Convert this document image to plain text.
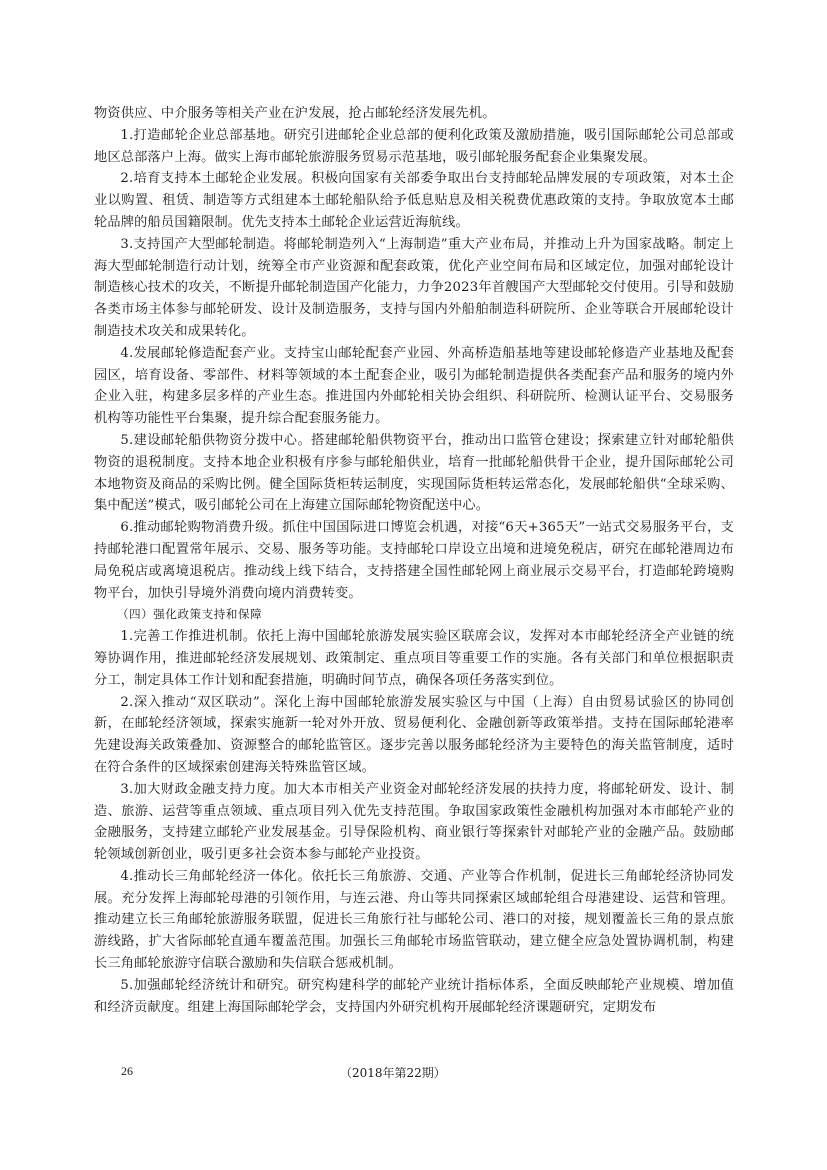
物资供应、中介服务等相关产业在沪发展，抢占邮轮经济发展先机。

1.打造邮轮企业总部基地。研究引进邮轮企业总部的便利化政策及激励措施，吸引国际邮轮公司总部或地区总部落户上海。做实上海市邮轮旅游服务贸易示范基地，吸引邮轮服务配套企业集聚发展。

2.培育支持本土邮轮企业发展。积极向国家有关部委争取出台支持邮轮品牌发展的专项政策，对本土企业以购置、租赁、制造等方式组建本土邮轮船队给予低息贴息及相关税费优惠政策的支持。争取放宽本土邮轮品牌的船员国籍限制。优先支持本土邮轮企业运营近海航线。

3.支持国产大型邮轮制造。将邮轮制造列入“上海制造”重大产业布局，并推动上升为国家战略。制定上海大型邮轮制造行动计划，统筹全市产业资源和配套政策，优化产业空间布局和区域定位，加强对邮轮设计制造核心技术的攻关，不断提升邮轮制造国产化能力，力争2023年首艘国产大型邮轮交付使用。引导和鼓励各类市场主体参与邮轮研发、设计及制造服务，支持与国内外船舶制造科研院所、企业等联合开展邮轮设计制造技术攻关和成果转化。

4.发展邮轮修造配套产业。支持宝山邮轮配套产业园、外高桥造船基地等建设邮轮修造产业基地及配套园区，培育设备、零部件、材料等领域的本土配套企业，吸引为邮轮制造提供各类配套产品和服务的境内外企业入驻，构建多层多样的产业生态。推进国内外邮轮相关协会组织、科研院所、检测认证平台、交易服务机构等功能性平台集聚，提升综合配套服务能力。

5.建设邮轮船供物资分拨中心。搭建邮轮船供物资平台，推动出口监管仓建设；探索建立针对邮轮船供物资的退税制度。支持本地企业积极有序参与邮轮船供业，培育一批邮轮船供骨干企业，提升国际邮轮公司本地物资及商品的采购比例。健全国际货柜转运制度，实现国际货柜转运常态化，发展邮轮船供“全球采购、集中配送”模式，吸引邮轮公司在上海建立国际邮轮物资配送中心。

6.推动邮轮购物消费升级。抓住中国国际进口博览会机遇，对接“6天+365天”一站式交易服务平台，支持邮轮港口配置常年展示、交易、服务等功能。支持邮轮口岸设立出境和进境免税店，研究在邮轮港周边布局免税店或离境退税店。推动线上线下结合，支持搭建全国性邮轮网上商业展示交易平台，打造邮轮跨境购物平台，加快引导境外消费向境内消费转变。

（四）强化政策支持和保障

1.完善工作推进机制。依托上海中国邮轮旅游发展实验区联席会议，发挥对本市邮轮经济全产业链的统筹协调作用，推进邮轮经济发展规划、政策制定、重点项目等重要工作的实施。各有关部门和单位根据职责分工，制定具体工作计划和配套措施，明确时间节点，确保各项任务落实到位。

2.深入推动“双区联动”。深化上海中国邮轮旅游发展实验区与中国（上海）自由贸易试验区的协同创新，在邮轮经济领域，探索实施新一轮对外开放、贸易便利化、金融创新等政策举措。支持在国际邮轮港率先建设海关政策叠加、资源整合的邮轮监管区。逐步完善以服务邮轮经济为主要特色的海关监管制度，适时在符合条件的区域探索创建海关特殊监管区域。

3.加大财政金融支持力度。加大本市相关产业资金对邮轮经济发展的扶持力度，将邮轮研发、设计、制造、旅游、运营等重点领域、重点项目列入优先支持范围。争取国家政策性金融机构加强对本市邮轮产业的金融服务，支持建立邮轮产业发展基金。引导保险机构、商业银行等探索针对邮轮产业的金融产品。鼓励邮轮领域创新创业，吸引更多社会资本参与邮轮产业投资。

4.推动长三角邮轮经济一体化。依托长三角旅游、交通、产业等合作机制，促进长三角邮轮经济协同发展。充分发挥上海邮轮母港的引领作用，与连云港、舟山等共同探索区域邮轮组合母港建设、运营和管理。推动建立长三角邮轮旅游服务联盟，促进长三角旅行社与邮轮公司、港口的对接，规划覆盖长三角的景点旅游线路，扩大省际邮轮直通车覆盖范围。加强长三角邮轮市场监管联动，建立健全应急处置协调机制，构建长三角邮轮旅游守信联合激励和失信联合惩戒机制。

5.加强邮轮经济统计和研究。研究构建科学的邮轮产业统计指标体系，全面反映邮轮产业规模、增加值和经济贡献度。组建上海国际邮轮学会，支持国内外研究机构开展邮轮经济课题研究，定期发布

26	（2018年第22期）
